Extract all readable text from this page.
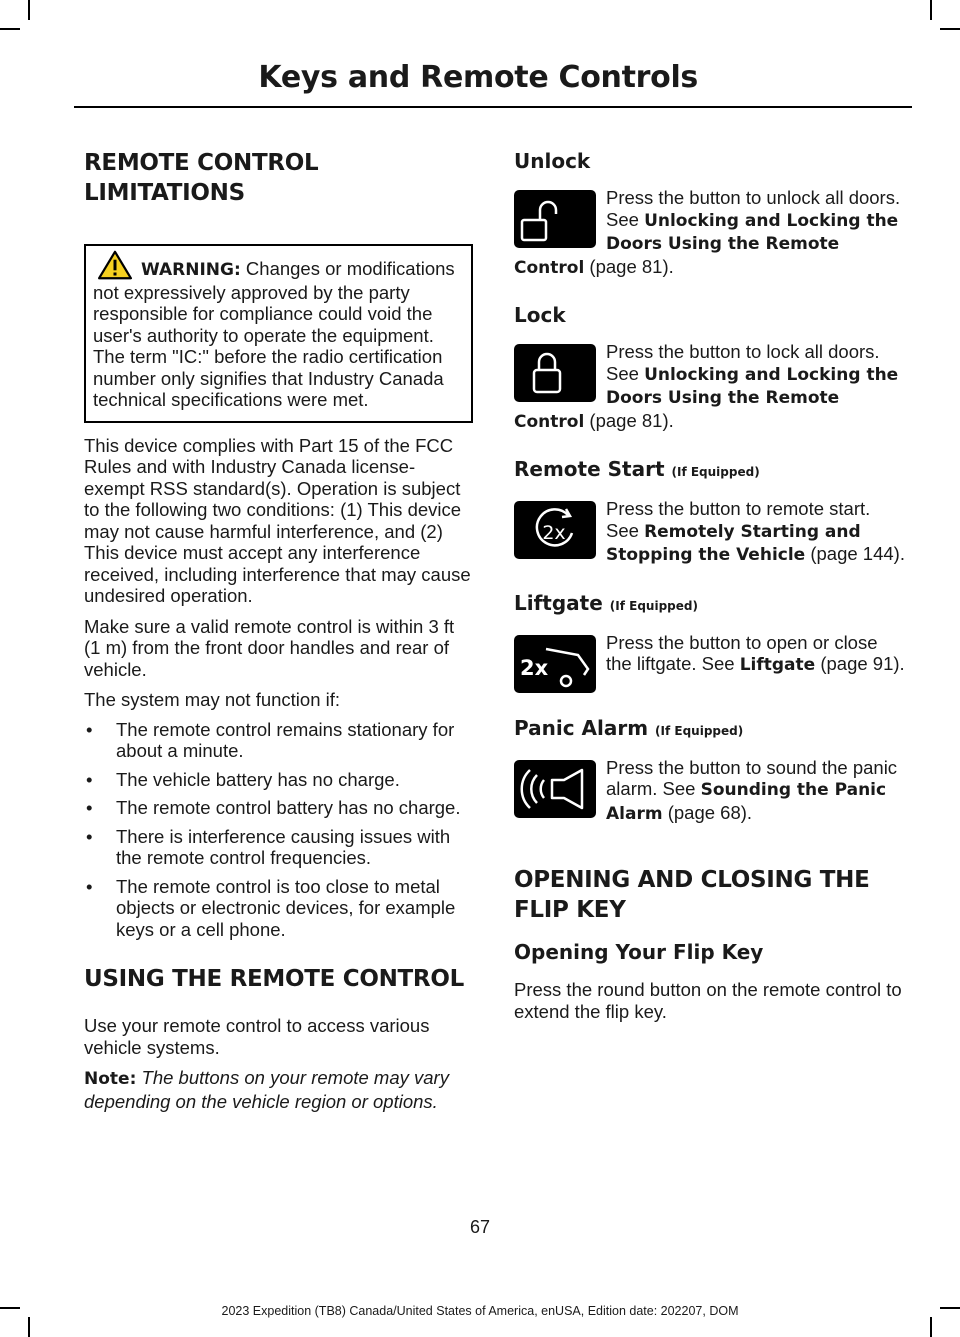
Keys and Remote Controls
REMOTE CONTROL
LIMITATIONS
WARNING: Changes or modifications not expressively approved by the party responsible for compliance could void the user's authority to operate the equipment. The term "IC:" before the radio certification number only signifies that Industry Canada technical specifications were met.

This device complies with Part 15 of the FCC Rules and with Industry Canada license-exempt RSS standard(s). Operation is subject to the following two conditions: (1) This device may not cause harmful interference, and (2) This device must accept any interference received, including interference that may cause undesired operation.

Make sure a valid remote control is within 3 ft (1 m) from the front door handles and rear of vehicle.

The system may not function if:

• The remote control remains stationary for about a minute.
• The vehicle battery has no charge.
• The remote control battery has no charge.
• There is interference causing issues with the remote control frequencies.
• The remote control is too close to metal objects or electronic devices, for example keys or a cell phone.
USING THE REMOTE CONTROL

Use your remote control to access various vehicle systems.

Note: The buttons on your remote may vary depending on the vehicle region or options.

Unlock

Press the button to unlock all doors. See Unlocking and Locking the Doors Using the Remote Control (page 81).

Lock

Press the button to lock all doors. See Unlocking and Locking the Doors Using the Remote Control (page 81).

Remote Start (If Equipped)
2x

Press the button to remote start. See Remotely Starting and Stopping the Vehicle (page 144).

Liftgate (If Equipped)
2x

Press the button to open or close the liftgate. See Liftgate (page 91).

Panic Alarm (If Equipped)

Press the button to sound the panic alarm. See Sounding the Panic Alarm (page 68).

OPENING AND CLOSING THE
FLIP KEY
Opening Your Flip Key

Press the round button on the remote control to extend the flip key.

67
2023 Expedition (TB8) Canada/United States of America, enUSA, Edition date: 202207, DOM
